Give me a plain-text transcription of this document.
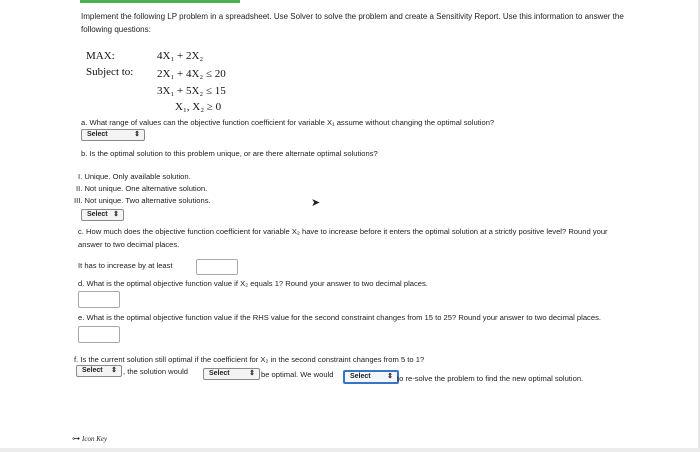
Implement the following LP problem in a spreadsheet. Use Solver to solve the problem and create a Sensitivity Report. Use this information to answer the
following questions:
MAX:	4X₁ + 2X₂
Subject to: 2X₁ + 4X₂ ≤ 20
3X₁ + 5X₂ ≤ 15
X₁, X₂ ≥ 0
a. What range of values can the objective function coefficient for variable X₁ assume without changing the optimal solution?
Select	⇕
b. Is the optimal solution to this problem unique, or are there alternate optimal solutions?
I. Unique. Only available solution.
II. Not unique. One alternative solution.
III. Not unique. Two alternative solutions.	➤
Select ⇕
c. How much does the objective function coefficient for variable X₂ have to increase before it enters the optimal solution at a strictly positive level? Round your
answer to two decimal places.
It has to increase by at least
d. What is the optimal objective function value if X₂ equals 1? Round your answer to two decimal places.
e. What is the optimal objective function value if the RHS value for the second constraint changes from 15 to 25? Round your answer to two decimal places.
f. Is the current solution still optimal if the coefficient for X₂ in the second constraint changes from 5 to 1?
Select ⇕ , the solution would	Select	⇕ be optimal. We would	Select ⇕ to re-solve the problem to find the new optimal solution.
⊶ Icon Key
